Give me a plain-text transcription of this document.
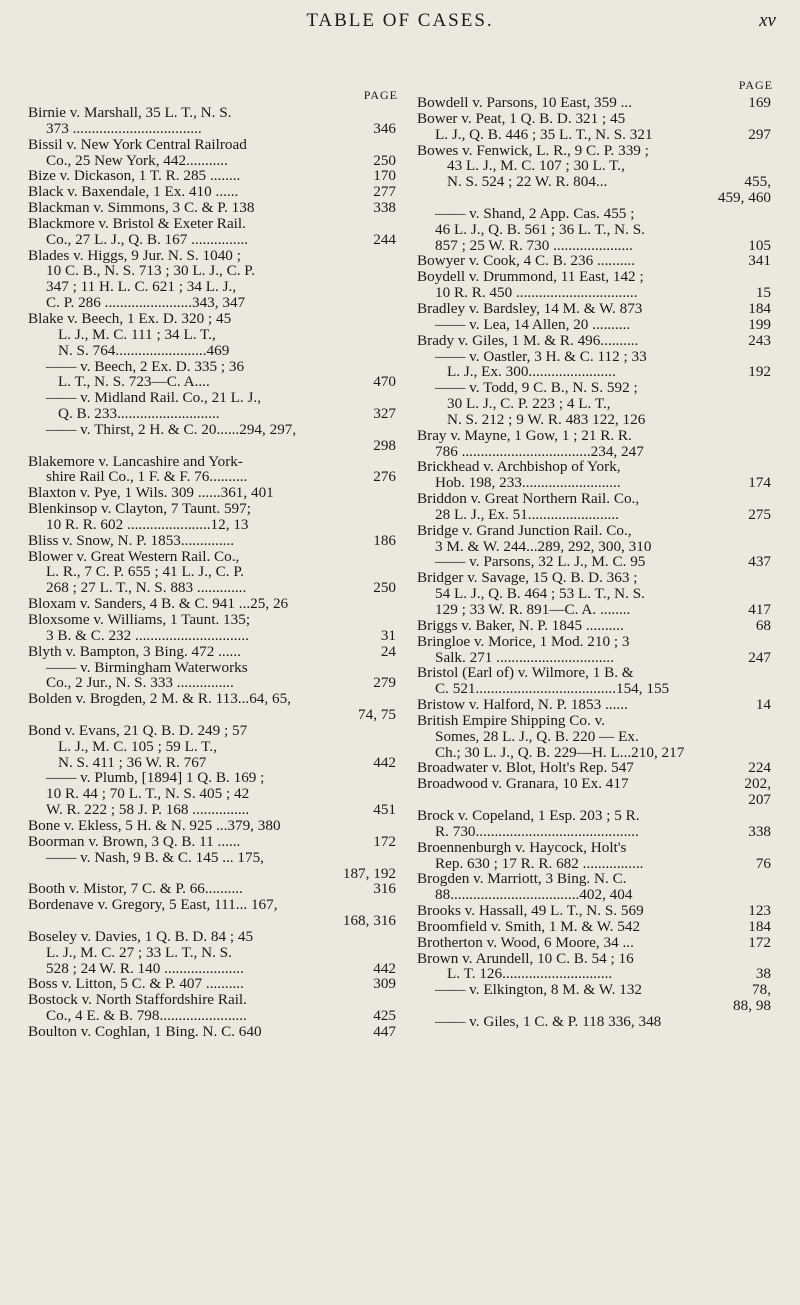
TABLE OF CASES.	xv
PAGE
Birnie v. Marshall, 35 L. T., N. S.
346
373 ..................................
Bissil v. New York Central Railroad
250
Co., 25 New York, 442...........
170
Bize v. Dickason, 1 T. R. 285 ........
277
Black v. Baxendale, 1 Ex. 410 ......
338
Blackman v. Simmons, 3 C. & P. 138
Blackmore v. Bristol & Exeter Rail.
244
Co., 27 L. J., Q. B. 167 ...............
Blades v. Higgs, 9 Jur. N. S. 1040 ;
10 C. B., N. S. 713 ; 30 L. J., C. P.
347 ; 11 H. L. C. 621 ; 34 L. J.,
C. P. 286 .......................343, 347
Blake v. Beech, 1 Ex. D. 320 ; 45
L. J., M. C. 111 ; 34 L. T.,
N. S. 764........................469
—— v. Beech, 2 Ex. D. 335 ; 36
470
L. T., N. S. 723—C. A....
—— v. Midland Rail. Co., 21 L. J.,
327
Q. B. 233...........................
—— v. Thirst, 2 H. & C. 20......294, 297,
298
Blakemore v. Lancashire and York-
276
shire Rail Co., 1 F. & F. 76..........
Blaxton v. Pye, 1 Wils. 309 ......361, 401
Blenkinsop v. Clayton, 7 Taunt. 597;
10 R. R. 602 ......................12, 13
186
Bliss v. Snow, N. P. 1853..............
Blower v. Great Western Rail. Co.,
L. R., 7 C. P. 655 ; 41 L. J., C. P.
250
268 ; 27 L. T., N. S. 883 .............
Bloxam v. Sanders, 4 B. & C. 941 ...25, 26
Bloxsome v. Williams, 1 Taunt. 135;
31
3 B. & C. 232 ..............................
24
Blyth v. Bampton, 3 Bing. 472 ......
—— v. Birmingham Waterworks
279
Co., 2 Jur., N. S. 333 ...............
Bolden v. Brogden, 2 M. & R. 113...64, 65,
74, 75
Bond v. Evans, 21 Q. B. D. 249 ; 57
L. J., M. C. 105 ; 59 L. T.,
442
N. S. 411 ; 36 W. R. 767
—— v. Plumb, [1894] 1 Q. B. 169 ;
10 R. 44 ; 70 L. T., N. S. 405 ; 42
451
W. R. 222 ; 58 J. P. 168 ...............
Bone v. Ekless, 5 H. & N. 925 ...379, 380
172
Boorman v. Brown, 3 Q. B. 11 ......
—— v. Nash, 9 B. & C. 145 ... 175,
187, 192
316
Booth v. Mistor, 7 C. & P. 66..........
Bordenave v. Gregory, 5 East, 111... 167,
168, 316
Boseley v. Davies, 1 Q. B. D. 84 ; 45
L. J., M. C. 27 ; 33 L. T., N. S.
442
528 ; 24 W. R. 140 .....................
309
Boss v. Litton, 5 C. & P. 407 ..........
Bostock v. North Staffordshire Rail.
425
Co., 4 E. & B. 798.......................
447
Boulton v. Coghlan, 1 Bing. N. C. 640
PAGE
169
Bowdell v. Parsons, 10 East, 359 ...
Bower v. Peat, 1 Q. B. D. 321 ; 45
297
L. J., Q. B. 446 ; 35 L. T., N. S. 321
Bowes v. Fenwick, L. R., 9 C. P. 339 ;
43 L. J., M. C. 107 ; 30 L. T.,
455,
N. S. 524 ; 22 W. R. 804...
459, 460
—— v. Shand, 2 App. Cas. 455 ;
46 L. J., Q. B. 561 ; 36 L. T., N. S.
105
857 ; 25 W. R. 730 .....................
341
Bowyer v. Cook, 4 C. B. 236 ..........
Boydell v. Drummond, 11 East, 142 ;
15
10 R. R. 450 ................................
184
Bradley v. Bardsley, 14 M. & W. 873
199
—— v. Lea, 14 Allen, 20 ..........
243
Brady v. Giles, 1 M. & R. 496..........
—— v. Oastler, 3 H. & C. 112 ; 33
192
L. J., Ex. 300.......................
—— v. Todd, 9 C. B., N. S. 592 ;
30 L. J., C. P. 223 ; 4 L. T.,
N. S. 212 ; 9 W. R. 483 122, 126
Bray v. Mayne, 1 Gow, 1 ; 21 R. R.
786 ..................................234, 247
Brickhead v. Archbishop of York,
174
Hob. 198, 233..........................
Briddon v. Great Northern Rail. Co.,
275
28 L. J., Ex. 51........................
Bridge v. Grand Junction Rail. Co.,
3 M. & W. 244...289, 292, 300, 310
437
—— v. Parsons, 32 L. J., M. C. 95
Bridger v. Savage, 15 Q. B. D. 363 ;
54 L. J., Q. B. 464 ; 53 L. T., N. S.
417
129 ; 33 W. R. 891—C. A. ........
68
Briggs v. Baker, N. P. 1845 ..........
Bringloe v. Morice, 1 Mod. 210 ; 3
247
Salk. 271 ...............................
Bristol (Earl of) v. Wilmore, 1 B. &
C. 521.....................................154, 155
14
Bristow v. Halford, N. P. 1853 ......
British Empire Shipping Co. v.
Somes, 28 L. J., Q. B. 220 — Ex.
Ch.; 30 L. J., Q. B. 229—H. L...210, 217
224
Broadwater v. Blot, Holt's Rep. 547
202,
Broadwood v. Granara, 10 Ex. 417
207
Brock v. Copeland, 1 Esp. 203 ; 5 R.
338
R. 730...........................................
Broennenburgh v. Haycock, Holt's
76
Rep. 630 ; 17 R. R. 682 ................
Brogden v. Marriott, 3 Bing. N. C.
88..................................402, 404
123
Brooks v. Hassall, 49 L. T., N. S. 569
184
Broomfield v. Smith, 1 M. & W. 542
172
Brotherton v. Wood, 6 Moore, 34 ...
Brown v. Arundell, 10 C. B. 54 ; 16
38
L. T. 126.............................
78,
—— v. Elkington, 8 M. & W. 132
88, 98
—— v. Giles, 1 C. & P. 118 336, 348
